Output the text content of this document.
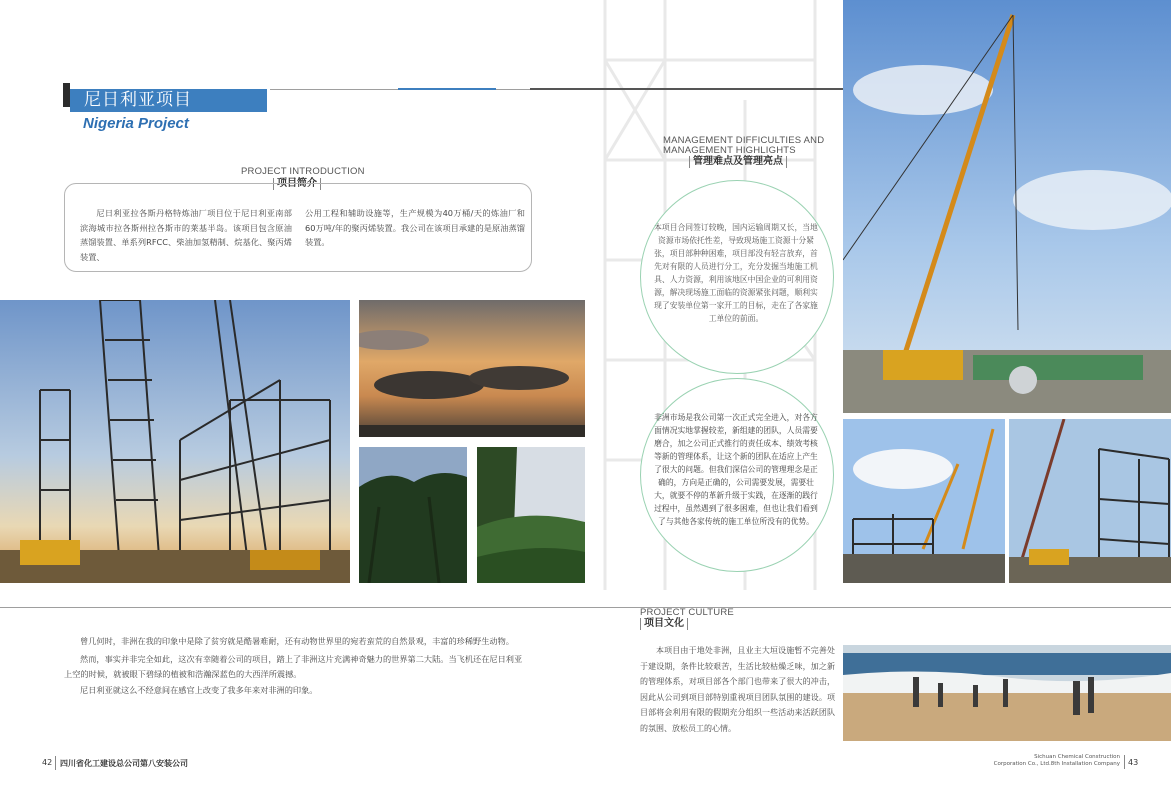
尼日利亚项目
Nigeria Project
PROJECT INTRODUCTION
项目简介
尼日利亚拉各斯丹格特炼油厂项目位于尼日利亚南部滨海城市拉各斯州拉各斯市的莱基半岛。该项目包含原油蒸馏装置、单系列RFCC、柴油加氢精制、烷基化、聚丙烯装置、
公用工程和辅助设施等，生产规模为40万桶/天的炼油厂和60万吨/年的聚丙烯装置。我公司在该项目承建的是原油蒸馏装置。
曾几何时，非洲在我的印象中是除了贫穷就是酷暑难耐，还有动物世界里的宛若蛮荒的自然景观，丰富的珍稀野生动物。
然而，事实并非完全如此，这次有幸随着公司的项目，踏上了非洲这片充满神奇魅力的世界第二大陆。当飞机还在尼日利亚
上空的时候，就被眼下碧绿的植被和浩瀚深蓝色的大西洋所震撼。
尼日利亚就这么不经意间在感官上改变了我多年来对非洲的印象。
42 四川省化工建设总公司第八安装公司
MANAGEMENT DIFFICULTIES AND
MANAGEMENT HIGHLIGHTS
管理难点及管理亮点
本项目合同签订较晚，国内运输周期又长，当地资源市场依托性差，导致现场施工资源十分紧张，项目部种种困难，项目部没有轻言放弃，首先对有限的人员进行分工，充分发掘当地施工机具、人力资源，利用该地区中国企业的可利用资源，解决现场施工面临的资源紧张问题，顺利实现了安装单位第一家开工的目标，走在了各家施工单位的前面。
非洲市场是我公司第一次正式完全进入，对各方面情况实地掌握较差，新组建的团队，人员需要磨合，加之公司正式推行的责任成本、绩效考核等新的管理体系，让这个新的团队在适应上产生了很大的问题。但我们深信公司的管理理念是正确的，方向是正确的，公司需要发展，需要壮大，就要不停的革新升级于实践，在逐渐的践行过程中，虽然遇到了很多困难，但也让我们看到了与其他各家传统的施工单位所没有的优势。
PROJECT CULTURE
项目文化
本项目由于地处非洲，且业主大垣设施暂不完善处于建设期，条件比较艰苦，生活比较枯燥乏味，加之新的管理体系，对项目部各个部门也带来了很大的冲击，因此从公司到项目部特别重视项目团队氛围的建设。项目部将会利用有限的假期充分组织一些活动来活跃团队的氛围、放松员工的心情。
Sichuan Chemical Construction
Corporation Co., Ltd.8th Installation Company 43
